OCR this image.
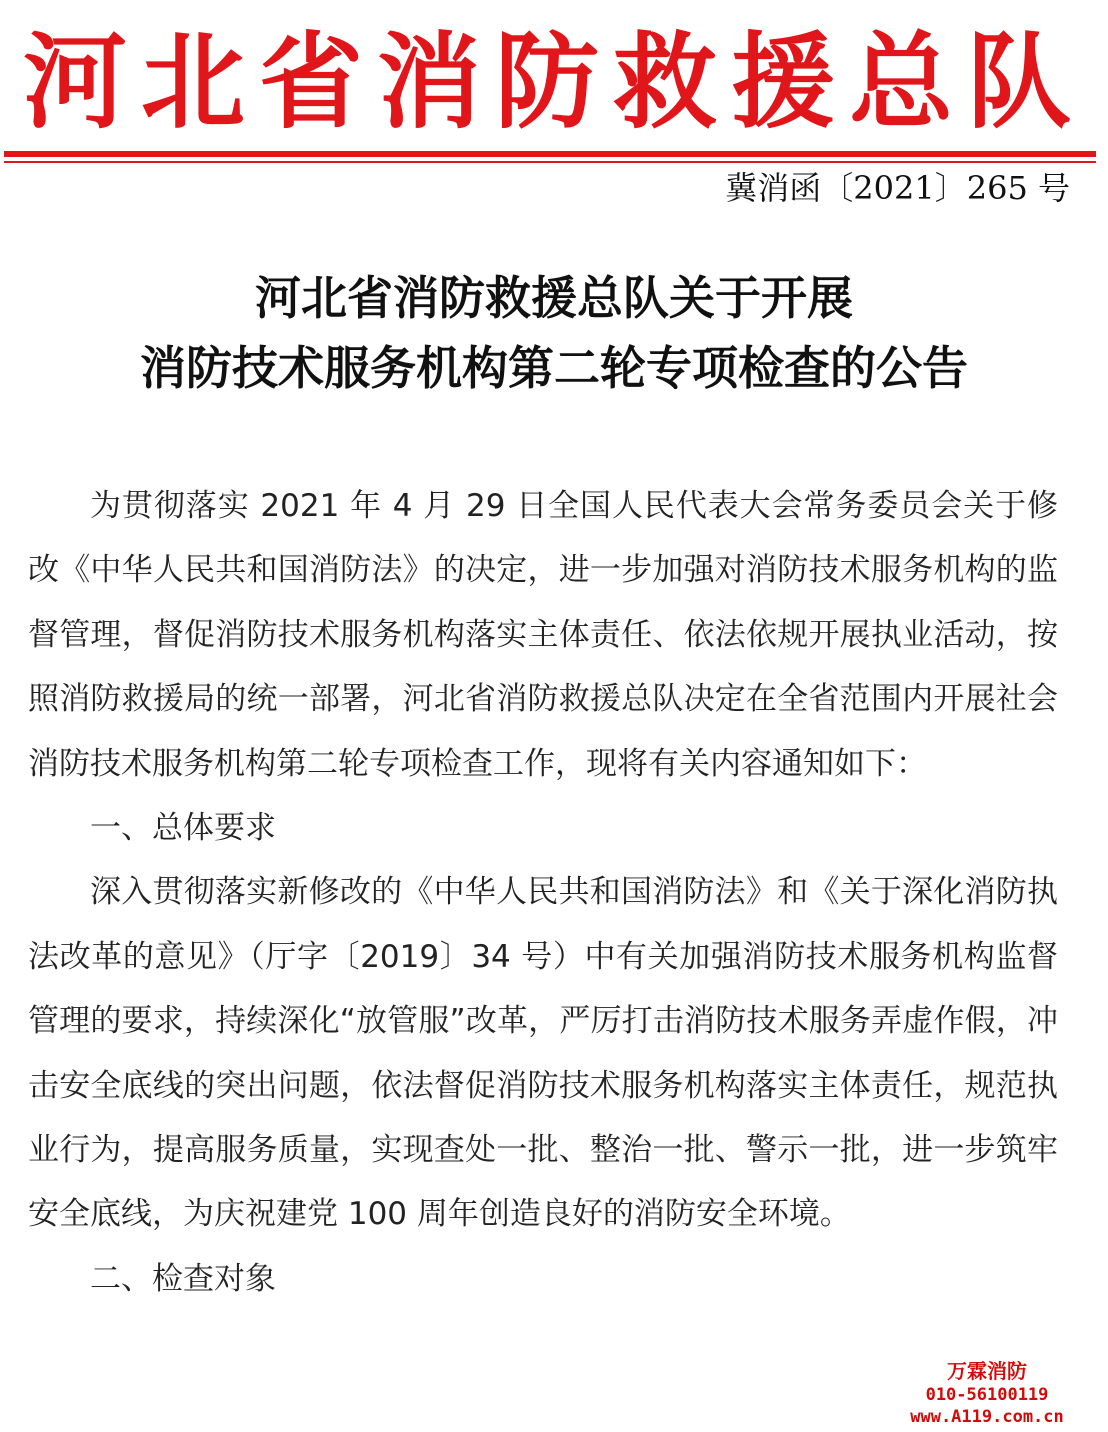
河北省消防救援总队
冀消函〔2021〕265 号
河北省消防救援总队关于开展
消防技术服务机构第二轮专项检查的公告

为贯彻落实 2021 年 4 月 29 日全国人民代表大会常务委员会关于修改《中华人民共和国消防法》的决定，进一步加强对消防技术服务机构的监督管理，督促消防技术服务机构落实主体责任、依法依规开展执业活动，按照消防救援局的统一部署，河北省消防救援总队决定在全省范围内开展社会消防技术服务机构第二轮专项检查工作，现将有关内容通知如下：

一、总体要求

深入贯彻落实新修改的《中华人民共和国消防法》和《关于深化消防执法改革的意见》（厅字〔2019〕34 号）中有关加强消防技术服务机构监督管理的要求，持续深化“放管服”改革，严厉打击消防技术服务弄虚作假，冲击安全底线的突出问题，依法督促消防技术服务机构落实主体责任，规范执业行为，提高服务质量，实现查处一批、整治一批、警示一批，进一步筑牢安全底线，为庆祝建党 100 周年创造良好的消防安全环境。

二、检查对象

万霖消防
010-56100119
www.A119.com.cn
